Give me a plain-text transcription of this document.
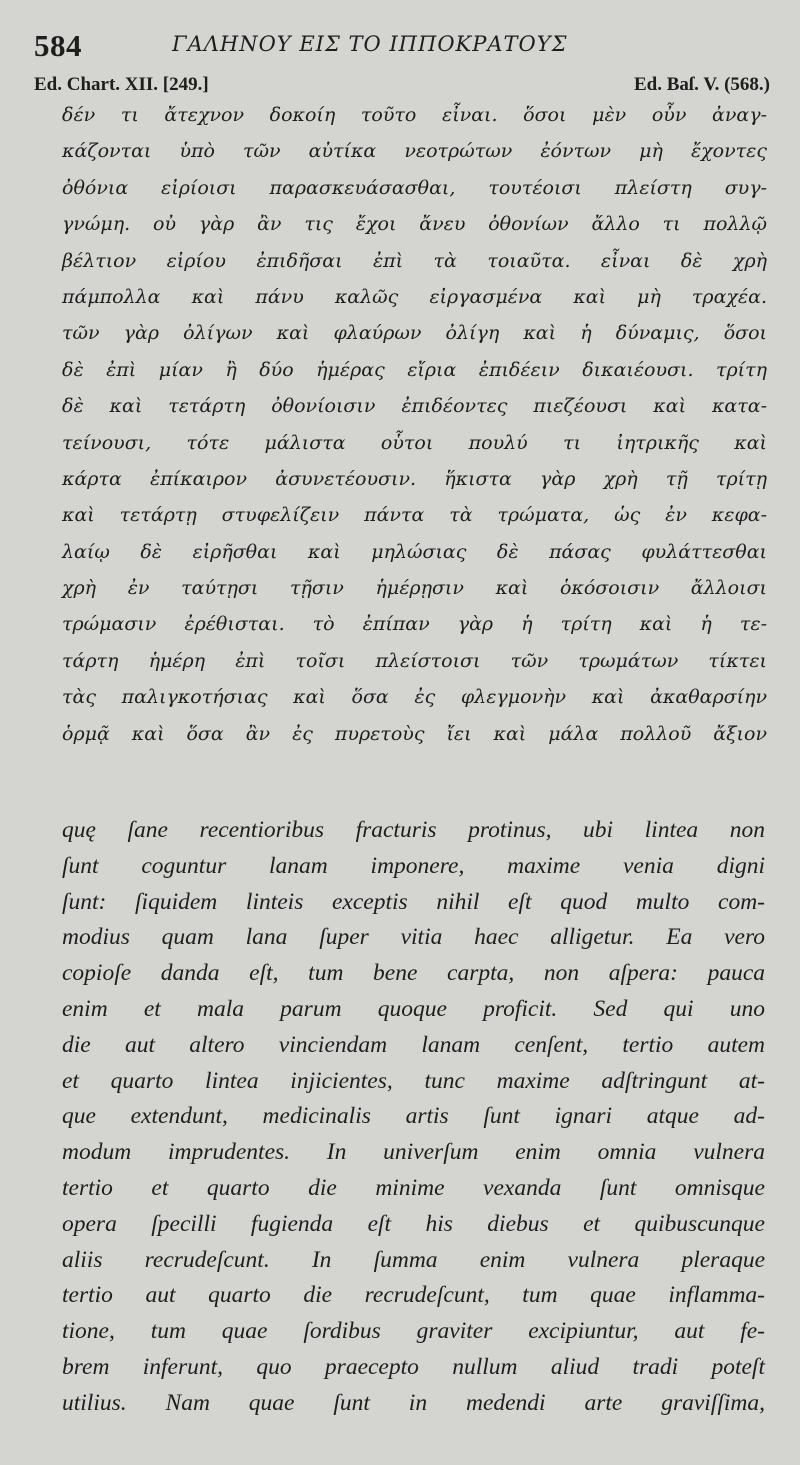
584	ΓΑΛΗΝΟΥ ΕΙΣ ΤΟ ΙΠΠΟΚΡΑΤΟΥΣ
Ed. Chart. XII. [249.]	Ed. Baſ. V. (568.)
δέν τι ἄτεχνον δοκοίη τοῦτο εἶναι. ὅσοι μὲν οὖν ἀναγ-
κάζονται ὑπὸ τῶν αὐτίκα νεοτρώτων ἐόντων μὴ ἔχοντες
ὀθόνια εἰρίοισι παρασκευάσασθαι, τουτέοισι πλείστη συγ-
γνώμη. οὐ γὰρ ἂν τις ἔχοι ἄνευ ὀθονίων ἄλλο τι πολλῷ
βέλτιον εἰρίου ἐπιδῆσαι ἐπὶ τὰ τοιαῦτα. εἶναι δὲ χρὴ
πάμπολλα καὶ πάνυ καλῶς εἰργασμένα καὶ μὴ τραχέα.
τῶν γὰρ ὀλίγων καὶ φλαύρων ὀλίγη καὶ ἡ δύναμις, ὅσοι
δὲ ἐπὶ μίαν ἢ δύο ἡμέρας εἴρια ἐπιδέειν δικαιέουσι. τρίτη
δὲ καὶ τετάρτη ὀθονίοισιν ἐπιδέοντες πιεζέουσι καὶ κατα-
τείνουσι, τότε μάλιστα οὗτοι πουλύ τι ἰητρικῆς καὶ
κάρτα ἐπίκαιρον ἀσυνετέουσιν. ἥκιστα γὰρ χρὴ τῇ τρίτῃ
καὶ τετάρτῃ στυφελίζειν πάντα τὰ τρώματα, ὡς ἐν κεφα-
λαίῳ δὲ εἰρῆσθαι καὶ μηλώσιας δὲ πάσας φυλάττεσθαι
χρὴ ἐν ταύτῃσι τῇσιν ἡμέρῃσιν καὶ ὁκόσοισιν ἄλλοισι
τρώμασιν ἐρέθισται. τὸ ἐπίπαν γὰρ ἡ τρίτη καὶ ἡ τε-
τάρτη ἡμέρη ἐπὶ τοῖσι πλείστοισι τῶν τρωμάτων τίκτει
τὰς παλιγκοτήσιας καὶ ὅσα ἐς φλεγμονὴν καὶ ἀκαθαρσίην
ὁρμᾷ καὶ ὅσα ἂν ἐς πυρετοὺς ἴει καὶ μάλα πολλοῦ ἄξιον
quę ſane recentioribus fracturis protinus, ubi lintea non
ſunt coguntur lanam imponere, maxime venia digni
ſunt: ſiquidem linteis exceptis nihil eſt quod multo com-
modius quam lana ſuper vitia haec alligetur. Ea vero
copioſe danda eſt, tum bene carpta, non aſpera: pauca
enim et mala parum quoque proficit. Sed qui uno
die aut altero vinciendam lanam cenſent, tertio autem
et quarto lintea injicientes, tunc maxime adſtringunt at-
que extendunt, medicinalis artis ſunt ignari atque ad-
modum imprudentes. In univerſum enim omnia vulnera
tertio et quarto die minime vexanda ſunt omnisque
opera ſpecilli fugienda eſt his diebus et quibuscunque
aliis recrudeſcunt. In ſumma enim vulnera pleraque
tertio aut quarto die recrudeſcunt, tum quae inflamma-
tione, tum quae ſordibus graviter excipiuntur, aut fe-
brem inferunt, quo praecepto nullum aliud tradi poteſt
utilius. Nam quae ſunt in medendi arte graviſſima,
